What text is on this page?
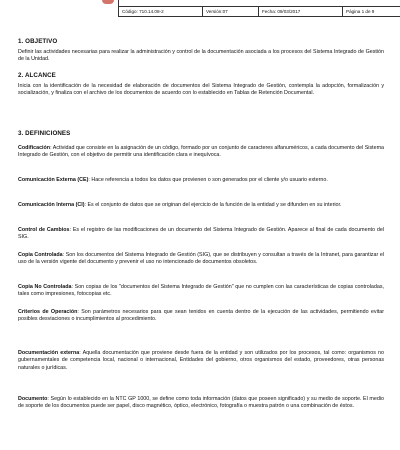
Código: 710.14.08-2	Versión:07	Fecha: 09/03/2017	Página 1 de 9
1. OBJETIVO

Definir las actividades necesarias para realizar la administración y control de la documentación asociada a los procesos del Sistema Integrado de Gestión de la Unidad.

2. ALCANCE

Inicia con la identificación de la necesidad de elaboración de documentos del Sistema Integrado de Gestión, contempla la adopción, formalización y socialización, y finaliza con el archivo de los documentos de acuerdo con lo establecido en Tablas de Retención Documental.

3. DEFINICIONES

Codificación: Actividad que consiste en la asignación de un código, formado por un conjunto de caracteres alfanuméricos, a cada documento del Sistema Integrado de Gestión, con el objetivo de permitir una identificación clara e inequívoca.

Comunicación Externa (CE): Hace referencia a todos los datos que provienen o son generados por el cliente y/o usuario externo.

Comunicación Interna (CI): Es el conjunto de datos que se originan del ejercicio de la función de la entidad y se difunden en su interior.

Control de Cambios: Es el registro de las modificaciones de un documento del Sistema Integrado de Gestión. Aparece al final de cada documento del SIG.

Copia Controlada: Son los documentos del Sistema Integrado de Gestión (SIG), que se distribuyen y consultan a través de la Intranet, para garantizar el uso de la versión vigente del documento y prevenir el uso no intencionado de documentos obsoletos.

Copia No Controlada: Son copias de los "documentos del Sistema Integrado de Gestión" que no cumplen con las características de copias controladas, tales como impresiones, fotocopias etc.

Criterios de Operación: Son parámetros necesarios para que sean tenidos en cuenta dentro de la ejecución de las actividades, permitiendo evitar posibles desviaciones o incumplimientos al procedimiento.

Documentación externa: Aquella documentación que proviene desde fuera de la entidad y son utilizados por los procesos, tal como: organismos no gubernamentales de competencia local, nacional o internacional, Entidades del gobierno, otros organismos del estado, proveedores, otras personas naturales o jurídicas.

Documento: Según lo establecido en la NTC GP 1000, se define como toda información (datos que poseen significado) y su medio de soporte. El medio de soporte de los documentos puede ser papel, disco magnético, óptico, electrónico, fotografía o muestra patrón o una combinación de éstos.
